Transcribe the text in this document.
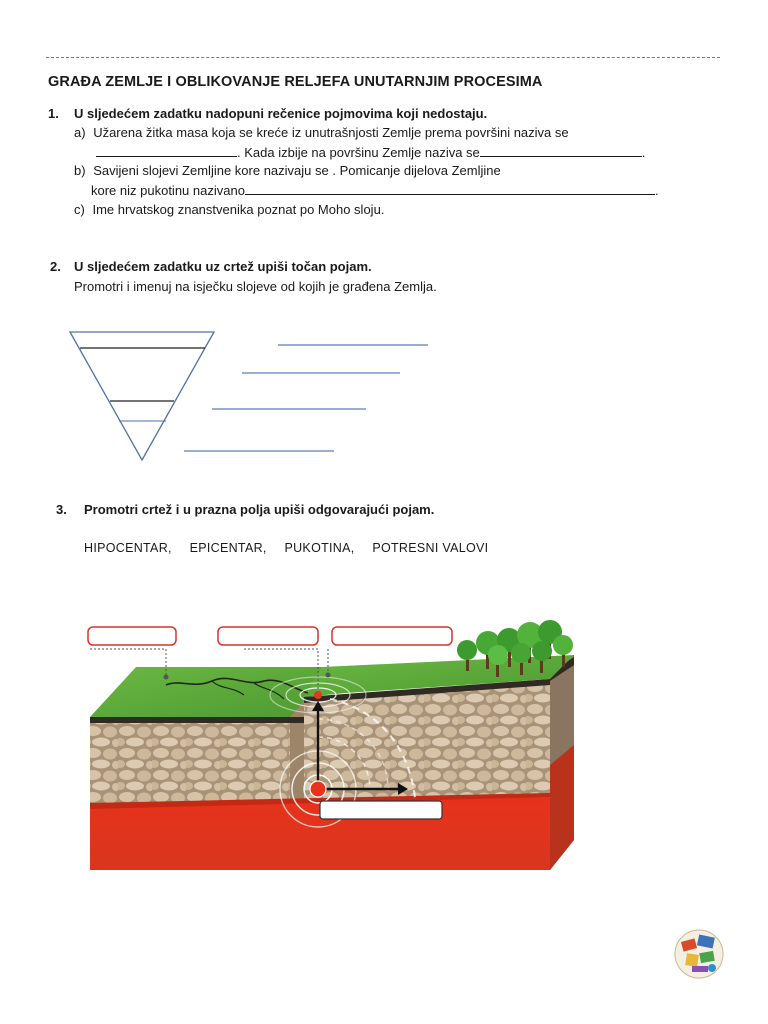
GRAĐA ZEMLJE I OBLIKOVANJE RELJEFA UNUTARNJIM PROCESIMA
1. U sljedećem zadatku nadopuni rečenice pojmovima koji nedostaju.
a) Užarena žitka masa koja se kreće iz unutrašnjosti Zemlje prema površini naziva se
. Kada izbije na površinu Zemlje naziva se	.
b) Savijeni slojevi Zemljine kore nazivaju se . Pomicanje dijelova Zemljine
kore niz pukotinu nazivano	.
c) Ime hrvatskog znanstvenika poznat po Moho sloju.
2. U sljedećem zadatku uz crtež upiši točan pojam.
Promotri i imenuj na isječku slojeve od kojih je građena Zemlja.
3. Promotri crtež i u prazna polja upiši odgovarajući pojam.
HIPOCENTAR, EPICENTAR, PUKOTINA, POTRESNI VALOVI
